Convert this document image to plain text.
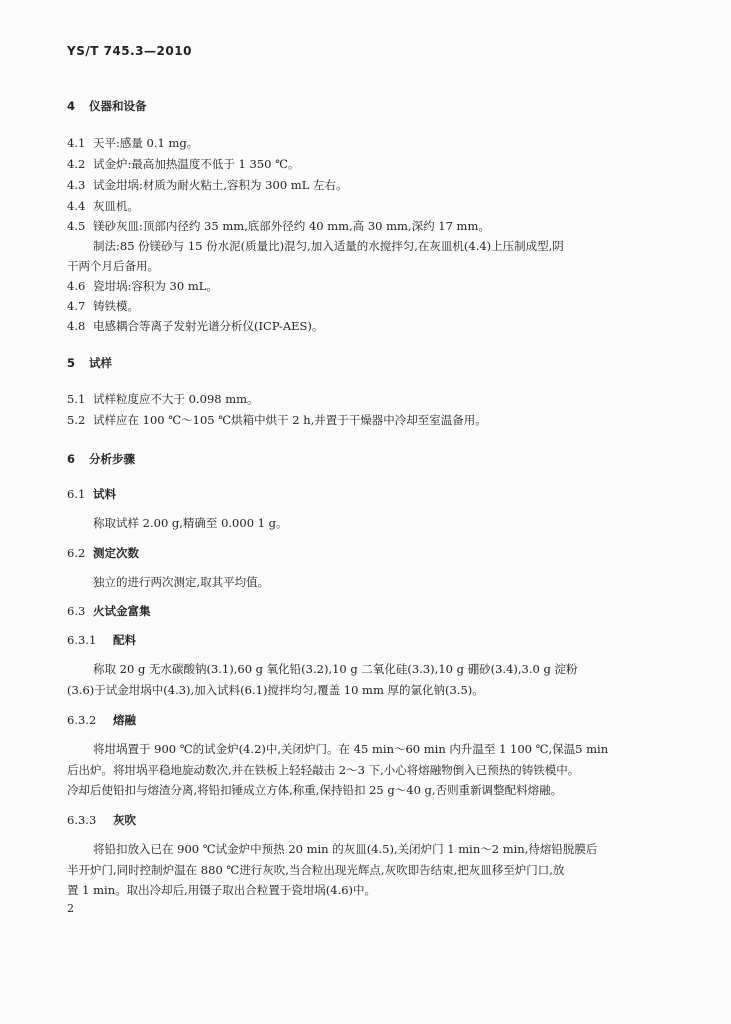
YS/T 745.3—2010
4 仪器和设备
4.1 天平:感量 0.1 mg。
4.2 试金炉:最高加热温度不低于 1 350 ℃。
4.3 试金坩埚:材质为耐火粘土,容积为 300 mL 左右。
4.4 灰皿机。
4.5 镁砂灰皿:顶部内径约 35 mm,底部外径约 40 mm,高 30 mm,深约 17 mm。
制法:85 份镁砂与 15 份水泥(质量比)混匀,加入适量的水搅拌匀,在灰皿机(4.4)上压制成型,阴
干两个月后备用。
4.6 瓷坩埚:容积为 30 mL。
4.7 铸铁模。
4.8 电感耦合等离子发射光谱分析仪(ICP-AES)。
5 试样
5.1 试样粒度应不大于 0.098 mm。
5.2 试样应在 100 ℃～105 ℃烘箱中烘干 2 h,并置于干燥器中冷却至室温备用。
6 分析步骤
6.1 试料
称取试样 2.00 g,精确至 0.000 1 g。
6.2 测定次数
独立的进行两次测定,取其平均值。
6.3 火试金富集
6.3.1 配料
称取 20 g 无水碳酸钠(3.1),60 g 氧化铅(3.2),10 g 二氧化硅(3.3),10 g 硼砂(3.4),3.0 g 淀粉
(3.6)于试金坩埚中(4.3),加入试料(6.1)搅拌均匀,覆盖 10 mm 厚的氯化钠(3.5)。
6.3.2 熔融
将坩埚置于 900 ℃的试金炉(4.2)中,关闭炉门。在 45 min～60 min 内升温至 1 100 ℃,保温5 min
后出炉。将坩埚平稳地旋动数次,并在铁板上轻轻敲击 2～3 下,小心将熔融物倒入已预热的铸铁模中。
冷却后使铅扣与熔渣分离,将铅扣锤成立方体,称重,保持铅扣 25 g～40 g,否则重新调整配料熔融。
6.3.3 灰吹
将铅扣放入已在 900 ℃试金炉中预热 20 min 的灰皿(4.5),关闭炉门 1 min～2 min,待熔铅脱膜后
半开炉门,同时控制炉温在 880 ℃进行灰吹,当合粒出现光辉点,灰吹即告结束,把灰皿移至炉门口,放
置 1 min。取出冷却后,用镊子取出合粒置于瓷坩埚(4.6)中。
2
